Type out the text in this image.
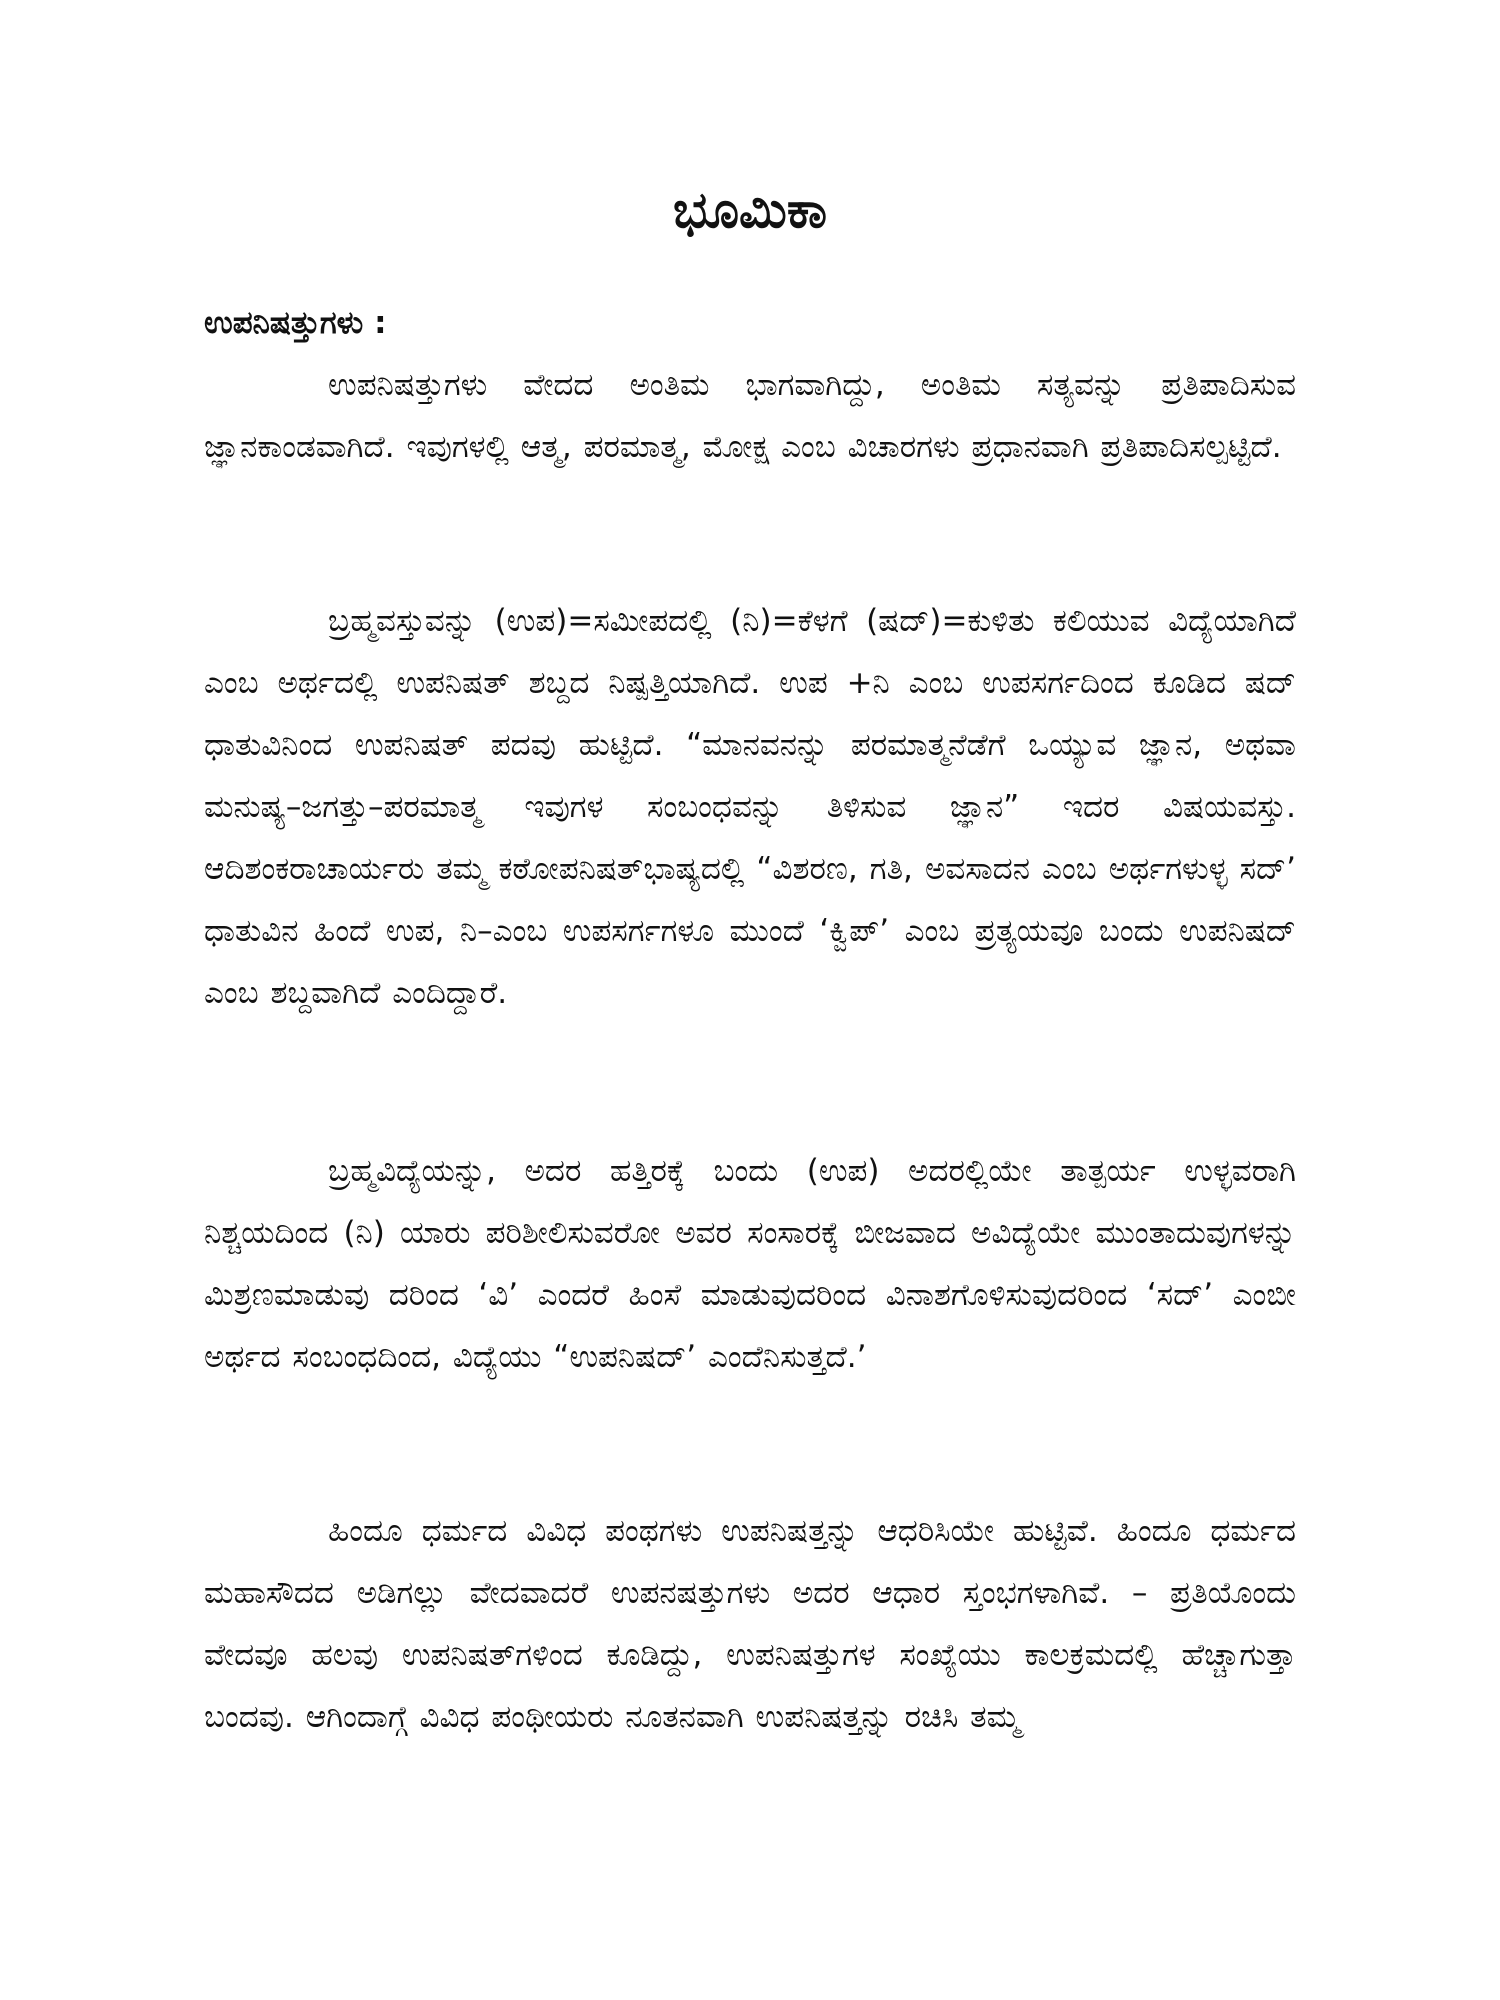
ಭೂಮಿಕಾ
ಉಪನಿಷತ್ತುಗಳು :

ಉಪನಿಷತ್ತುಗಳು ವೇದದ ಅಂತಿಮ ಭಾಗವಾಗಿದ್ದು, ಅಂತಿಮ ಸತ್ಯವನ್ನು ಪ್ರತಿಪಾದಿಸುವ ಜ್ಞಾನಕಾಂಡವಾಗಿದೆ. ಇವುಗಳಲ್ಲಿ ಆತ್ಮ, ಪರಮಾತ್ಮ, ಮೋಕ್ಷ ಎಂಬ ವಿಚಾರಗಳು ಪ್ರಧಾನವಾಗಿ ಪ್ರತಿಪಾದಿಸಲ್ಪಟ್ಟಿದೆ.

ಬ್ರಹ್ಮವಸ್ತುವನ್ನು (ಉಪ)=ಸಮೀಪದಲ್ಲಿ (ನಿ)=ಕೆಳಗೆ (ಷದ್)=ಕುಳಿತು ಕಲಿಯುವ ವಿದ್ಯೆಯಾಗಿದೆ ಎಂಬ ಅರ್ಥದಲ್ಲಿ ಉಪನಿಷತ್ ಶಬ್ದದ ನಿಷ್ಪತ್ತಿಯಾಗಿದೆ. ಉಪ +ನಿ ಎಂಬ ಉಪಸರ್ಗದಿಂದ ಕೂಡಿದ ಷದ್ ಧಾತುವಿನಿಂದ ಉಪನಿಷತ್ ಪದವು ಹುಟ್ಟಿದೆ. “ಮಾನವನನ್ನು ಪರಮಾತ್ಮನೆಡೆಗೆ ಒಯ್ಯುವ ಜ್ಞಾನ, ಅಥವಾ ಮನುಷ್ಯ–ಜಗತ್ತು–ಪರಮಾತ್ಮ ಇವುಗಳ ಸಂಬಂಧವನ್ನು ತಿಳಿಸುವ ಜ್ಞಾನ” ಇದರ ವಿಷಯವಸ್ತು. ಆದಿಶಂಕರಾಚಾರ್ಯರು ತಮ್ಮ ಕಠೋಪನಿಷತ್‌ಭಾಷ್ಯದಲ್ಲಿ “ವಿಶರಣ, ಗತಿ, ಅವಸಾದನ ಎಂಬ ಅರ್ಥಗಳುಳ್ಳ ಸದ್’ ಧಾತುವಿನ ಹಿಂದೆ ಉಪ, ನಿ–ಎಂಬ ಉಪಸರ್ಗಗಳೂ ಮುಂದೆ ‘ಕ್ವಿಪ್’ ಎಂಬ ಪ್ರತ್ಯಯವೂ ಬಂದು ಉಪನಿಷದ್ ಎಂಬ ಶಬ್ದವಾಗಿದೆ ಎಂದಿದ್ದಾರೆ.

ಬ್ರಹ್ಮವಿದ್ಯೆಯನ್ನು, ಅದರ ಹತ್ತಿರಕ್ಕೆ ಬಂದು (ಉಪ) ಅದರಲ್ಲಿಯೇ ತಾತ್ಪರ್ಯ ಉಳ್ಳವರಾಗಿ ನಿಶ್ಚಯದಿಂದ (ನಿ) ಯಾರು ಪರಿಶೀಲಿಸುವರೋ ಅವರ ಸಂಸಾರಕ್ಕೆ ಬೀಜವಾದ ಅವಿದ್ಯೆಯೇ ಮುಂತಾದುವುಗಳನ್ನು ಮಿಶ್ರಣಮಾಡುವು ದರಿಂದ ‘ವಿ’ ಎಂದರೆ ಹಿಂಸೆ ಮಾಡುವುದರಿಂದ ವಿನಾಶಗೊಳಿಸುವುದರಿಂದ ‘ಸದ್’ ಎಂಬೀ ಅರ್ಥದ ಸಂಬಂಧದಿಂದ, ವಿದ್ಯೆಯು “ಉಪನಿಷದ್’ ಎಂದೆನಿಸುತ್ತದೆ.’

ಹಿಂದೂ ಧರ್ಮದ ವಿವಿಧ ಪಂಥಗಳು ಉಪನಿಷತ್ತನ್ನು ಆಧರಿಸಿಯೇ ಹುಟ್ಟಿವೆ. ಹಿಂದೂ ಧರ್ಮದ ಮಹಾಸೌದದ ಅಡಿಗಲ್ಲು ವೇದವಾದರೆ ಉಪನಷತ್ತುಗಳು ಅದರ ಆಧಾರ ಸ್ತಂಭಗಳಾಗಿವೆ. – ಪ್ರತಿಯೊಂದು ವೇದವೂ ಹಲವು ಉಪನಿಷತ್‌ಗಳಿಂದ ಕೂಡಿದ್ದು, ಉಪನಿಷತ್ತುಗಳ ಸಂಖ್ಯೆಯು ಕಾಲಕ್ರಮದಲ್ಲಿ ಹೆಚ್ಚಾಗುತ್ತಾ ಬಂದವು. ಆಗಿಂದಾಗ್ಗೆ ವಿವಿಧ ಪಂಥೀಯರು ನೂತನವಾಗಿ ಉಪನಿಷತ್ತನ್ನು ರಚಿಸಿ ತಮ್ಮ
